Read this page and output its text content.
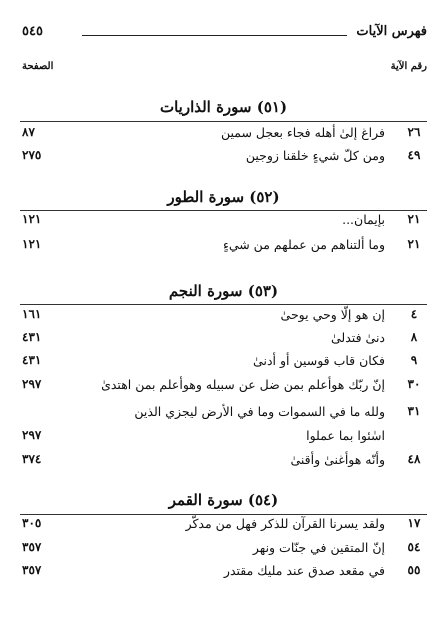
فهرس الآيات
٥٤٥
رقم الآية
الصفحة
(٥١) سورة الذاريات
٢٦
فراغ إلىٰ أهله فجاء بعجل سمين
٨٧
٤٩
ومن كلّ شيءٍ خلقنا زوجين
٢٧٥
(٥٢) سورة الطور
٢١
بإيمان...
١٢١
٢١
وما ألتناهم من عملهم من شيءٍ
١٢١
(٥٣) سورة النجم
٤
إن هو إلّا وحي يوحىٰ
١٦١
٨
دنىٰ فتدلىٰ
٤٣١
٩
فكان قاب قوسين أو أدنىٰ
٤٣١
٣٠
إنّ ربّك هوأعلم بمن ضل عن سبيله وهوأعلم بمن اهتدىٰ
٢٩٧
٣١
ولله ما في السموات وما في الأرض ليجزي الذين
اسٰئوا بما عملوا
٢٩٧
٤٨
وأنّه هوأغنىٰ وأقنىٰ
٣٧٤
(٥٤) سورة القمر
١٧
ولقد يسرنا القرآن للذكر فهل من مدكّر
٣٠٥
٥٤
إنّ المتقين في جنّات ونهر
٣٥٧
٥٥
في مقعد صدق عند مليك مقتدر
٣٥٧
